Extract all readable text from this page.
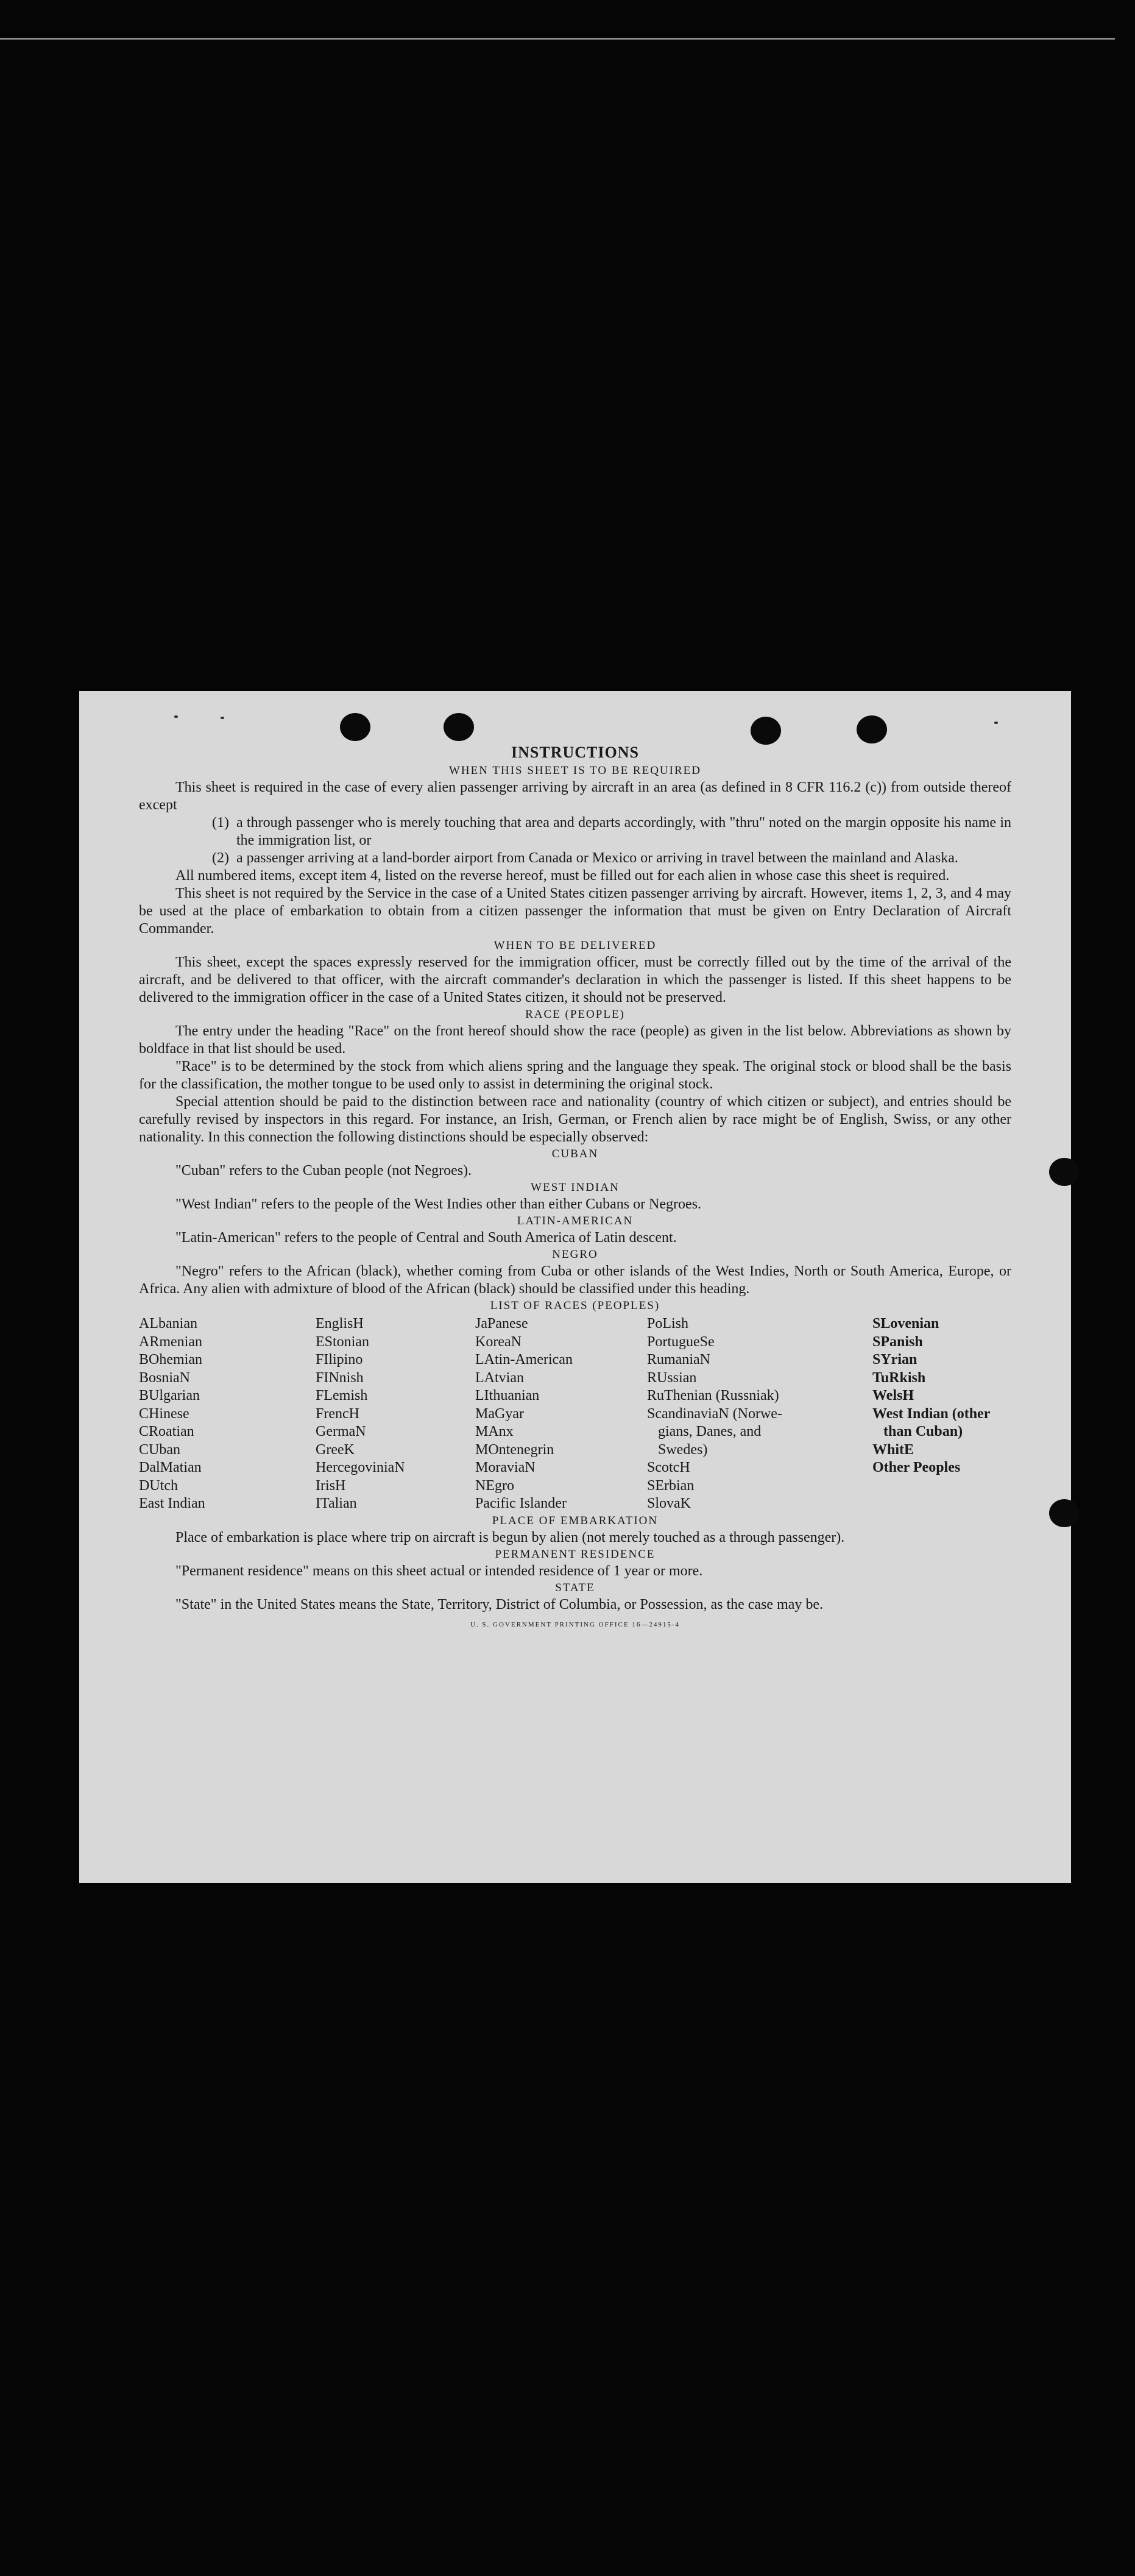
INSTRUCTIONS
WHEN THIS SHEET IS TO BE REQUIRED

This sheet is required in the case of every alien passenger arriving by aircraft in an area (as defined in 8 CFR 116.2 (c)) from outside thereof except

(1) a through passenger who is merely touching that area and departs accordingly, with "thru" noted on the margin opposite his name in the immigration list, or
(2) a passenger arriving at a land-border airport from Canada or Mexico or arriving in travel between the mainland and Alaska.

All numbered items, except item 4, listed on the reverse hereof, must be filled out for each alien in whose case this sheet is required.

This sheet is not required by the Service in the case of a United States citizen passenger arriving by aircraft. However, items 1, 2, 3, and 4 may be used at the place of embarkation to obtain from a citizen passenger the information that must be given on Entry Declaration of Aircraft Commander.

WHEN TO BE DELIVERED

This sheet, except the spaces expressly reserved for the immigration officer, must be correctly filled out by the time of the arrival of the aircraft, and be delivered to that officer, with the aircraft commander's declaration in which the passenger is listed. If this sheet happens to be delivered to the immigration officer in the case of a United States citizen, it should not be preserved.

RACE (PEOPLE)

The entry under the heading "Race" on the front hereof should show the race (people) as given in the list below. Abbreviations as shown by boldface in that list should be used.

"Race" is to be determined by the stock from which aliens spring and the language they speak. The original stock or blood shall be the basis for the classification, the mother tongue to be used only to assist in determining the original stock.

Special attention should be paid to the distinction between race and nationality (country of which citizen or subject), and entries should be carefully revised by inspectors in this regard. For instance, an Irish, German, or French alien by race might be of English, Swiss, or any other nationality. In this connection the following distinctions should be especially observed:

CUBAN

"Cuban" refers to the Cuban people (not Negroes).

WEST INDIAN

"West Indian" refers to the people of the West Indies other than either Cubans or Negroes.

LATIN-AMERICAN

"Latin-American" refers to the people of Central and South America of Latin descent.

NEGRO

"Negro" refers to the African (black), whether coming from Cuba or other islands of the West Indies, North or South America, Europe, or Africa. Any alien with admixture of blood of the African (black) should be classified under this heading.

LIST OF RACES (PEOPLES)
ALbanian
ARmenian
BOhemian
BosniaN
BUlgarian
CHinese
CRoatian
CUban
DalMatian
DUtch
East Indian
EnglisH
EStonian
FIlipino
FINnish
FLemish
FrencH
GermaN
GreeK
HercegoviniaN
IrisH
ITalian
JaPanese
KoreaN
LAtin-American
LAtvian
LIthuanian
MaGyar
MAnx
MOntenegrin
MoraviaN
NEgro
Pacific Islander
PoLish
PortugueSe
RumaniaN
RUssian
RuThenian (Russniak)
ScandinaviaN (Norwe-
gians, Danes, and
Swedes)
ScotcH
SErbian
SlovaK
SLovenian
SPanish
SYrian
TuRkish
WelsH
West Indian (other
than Cuban)
WhitE
Other Peoples
PLACE OF EMBARKATION

Place of embarkation is place where trip on aircraft is begun by alien (not merely touched as a through passenger).

PERMANENT RESIDENCE

"Permanent residence" means on this sheet actual or intended residence of 1 year or more.

STATE

"State" in the United States means the State, Territory, District of Columbia, or Possession, as the case may be.

U. S. GOVERNMENT PRINTING OFFICE 16—24915-4
